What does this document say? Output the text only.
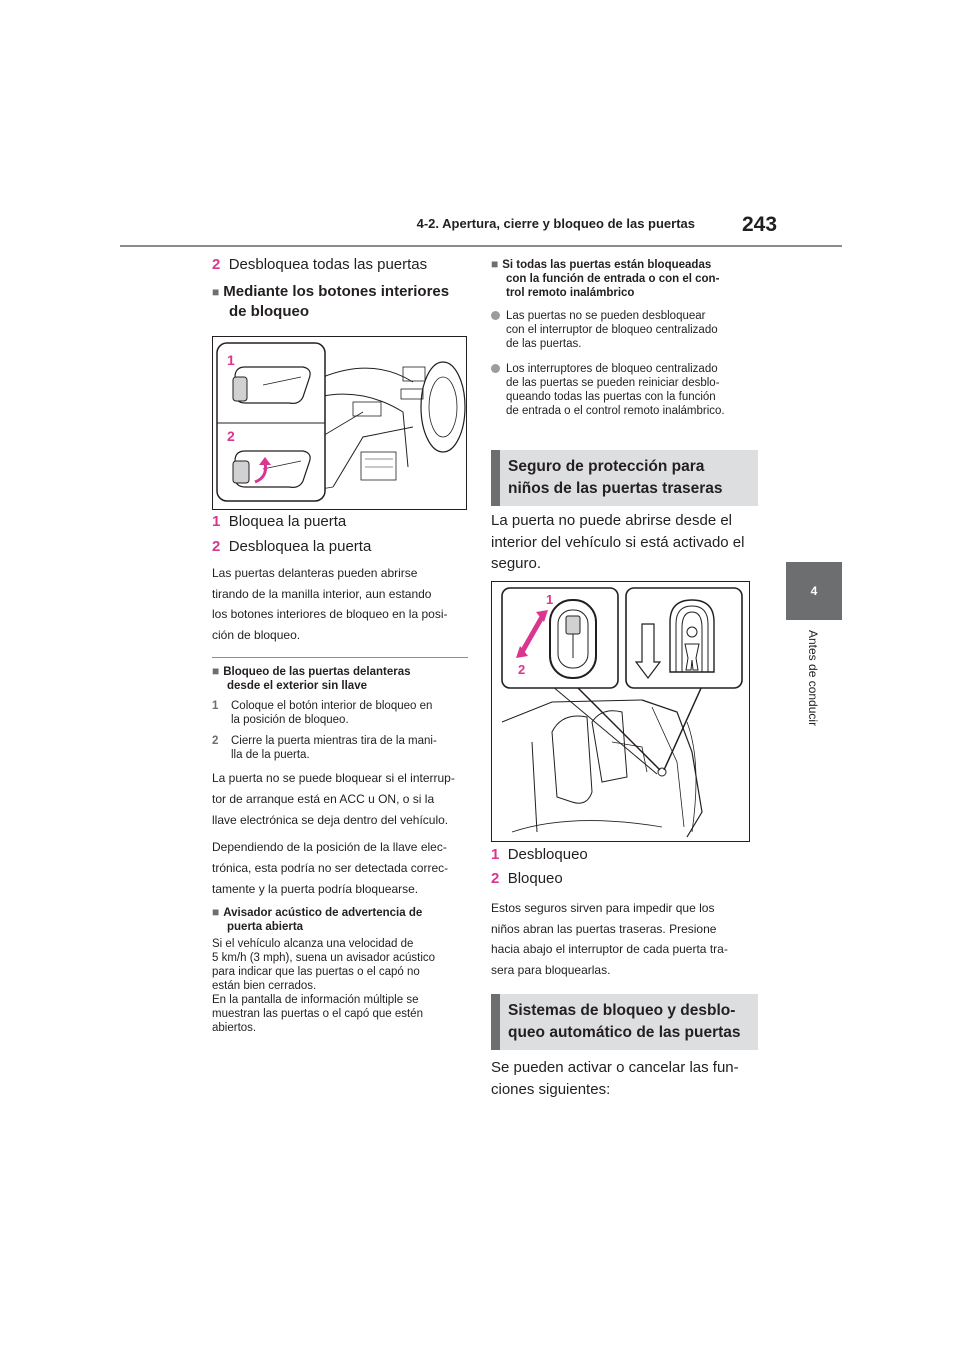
4-2. Apertura, cierre y bloqueo de las puertas 243
4
Antes de conducir
2 Desbloquea todas las puertas
■ Mediante los botones interiores
de bloqueo
1
2
1 Bloquea la puerta
2 Desbloquea la puerta

Las puertas delanteras pueden abrirse

tirando de la manilla interior, aun estando

los botones interiores de bloqueo en la posi-

ción de bloqueo.

■ Bloqueo de las puertas delanteras
desde el exterior sin llave
1 Coloque el botón interior de bloqueo en

la posición de bloqueo.

2 Cierre la puerta mientras tira de la mani-

lla de la puerta.

La puerta no se puede bloquear si el interrup-

tor de arranque está en ACC u ON, o si la

llave electrónica se deja dentro del vehículo.

Dependiendo de la posición de la llave elec-

trónica, esta podría no ser detectada correc-

tamente y la puerta podría bloquearse.

■ Avisador acústico de advertencia de
puerta abierta

Si el vehículo alcanza una velocidad de

5 km/h (3 mph), suena un avisador acústico

para indicar que las puertas o el capó no

están bien cerrados.

En la pantalla de información múltiple se

muestran las puertas o el capó que estén

abiertos.

■ Si todas las puertas están bloqueadas

con la función de entrada o con el con-

trol remoto inalámbrico

Las puertas no se pueden desbloquear

con el interruptor de bloqueo centralizado

de las puertas.

Los interruptores de bloqueo centralizado

de las puertas se pueden reiniciar desblo-

queando todas las puertas con la función

de entrada o el control remoto inalámbrico.

Seguro de protección para

niños de las puertas traseras

La puerta no puede abrirse desde el

interior del vehículo si está activado el

seguro.

1
2
1 Desbloqueo
2 Bloqueo

Estos seguros sirven para impedir que los

niños abran las puertas traseras. Presione

hacia abajo el interruptor de cada puerta tra-

sera para bloquearlas.

Sistemas de bloqueo y desblo-

queo automático de las puertas

Se pueden activar o cancelar las fun-

ciones siguientes:
